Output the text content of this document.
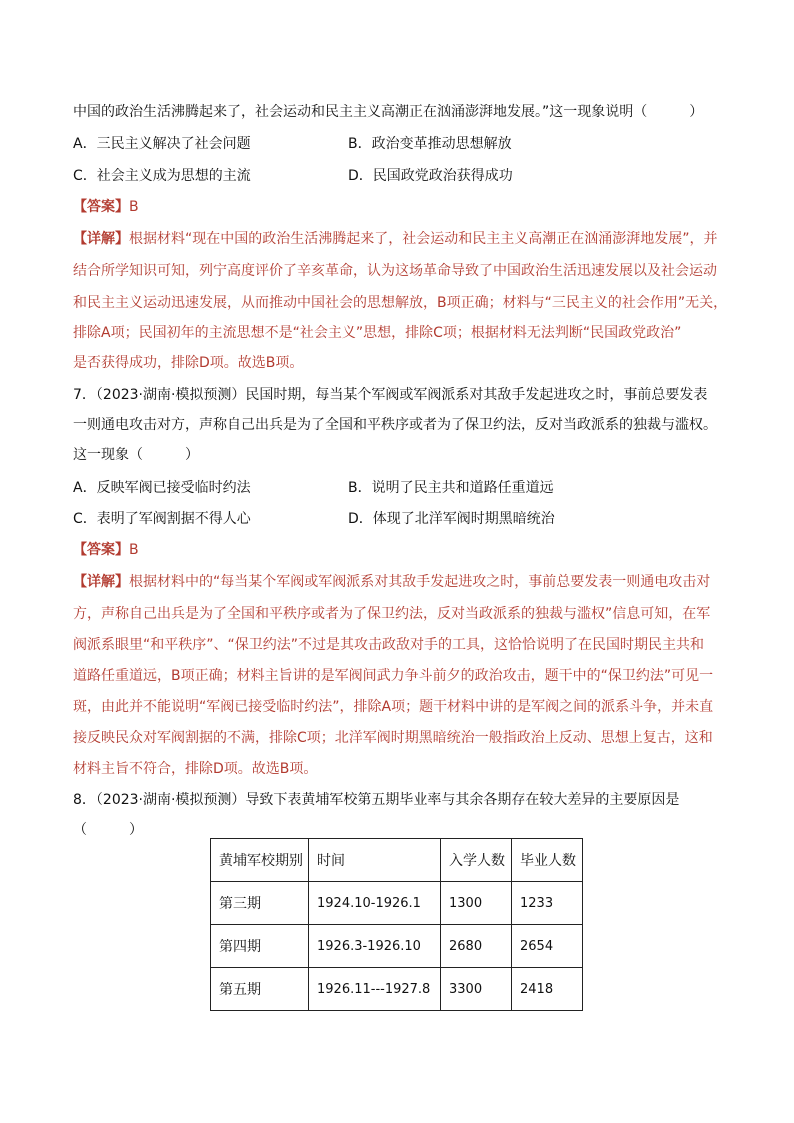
中国的政治生活沸腾起来了，社会运动和民主主义高潮正在汹涌澎湃地发展。”这一现象说明（　　　）
A．三民主义解决了社会问题	B．政治变革推动思想解放
C．社会主义成为思想的主流	D．民国政党政治获得成功
【答案】B
【详解】根据材料“现在中国的政治生活沸腾起来了，社会运动和民主主义高潮正在汹涌澎湃地发展”，并
结合所学知识可知，列宁高度评价了辛亥革命，认为这场革命导致了中国政治生活迅速发展以及社会运动
和民主主义运动迅速发展，从而推动中国社会的思想解放，B项正确；材料与“三民主义的社会作用”无关，
排除A项；民国初年的主流思想不是“社会主义”思想，排除C项；根据材料无法判断“民国政党政治”
是否获得成功，排除D项。故选B项。
7．（2023·湖南·模拟预测）民国时期，每当某个军阀或军阀派系对其敌手发起进攻之时，事前总要发表
一则通电攻击对方，声称自己出兵是为了全国和平秩序或者为了保卫约法，反对当政派系的独裁与滥权。
这一现象（　　　）
A．反映军阀已接受临时约法	B．说明了民主共和道路任重道远
C．表明了军阀割据不得人心	D．体现了北洋军阀时期黑暗统治
【答案】B
【详解】根据材料中的“每当某个军阀或军阀派系对其敌手发起进攻之时，事前总要发表一则通电攻击对
方，声称自己出兵是为了全国和平秩序或者为了保卫约法，反对当政派系的独裁与滥权”信息可知，在军
阀派系眼里“和平秩序”、“保卫约法”不过是其攻击政敌对手的工具，这恰恰说明了在民国时期民主共和
道路任重道远，B项正确；材料主旨讲的是军阀间武力争斗前夕的政治攻击，题干中的“保卫约法”可见一
斑，由此并不能说明“军阀已接受临时约法”，排除A项；题干材料中讲的是军阀之间的派系斗争，并未直
接反映民众对军阀割据的不满，排除C项；北洋军阀时期黑暗统治一般指政治上反动、思想上复古，这和
材料主旨不符合，排除D项。故选B项。
8．（2023·湖南·模拟预测）导致下表黄埔军校第五期毕业率与其余各期存在较大差异的主要原因是
（　　　）
黄埔军校期别	时间	入学人数	毕业人数
第三期	1924.10-1926.1	1300	1233
第四期	1926.3-1926.10	2680	2654
第五期	1926.11---1927.8	3300	2418
